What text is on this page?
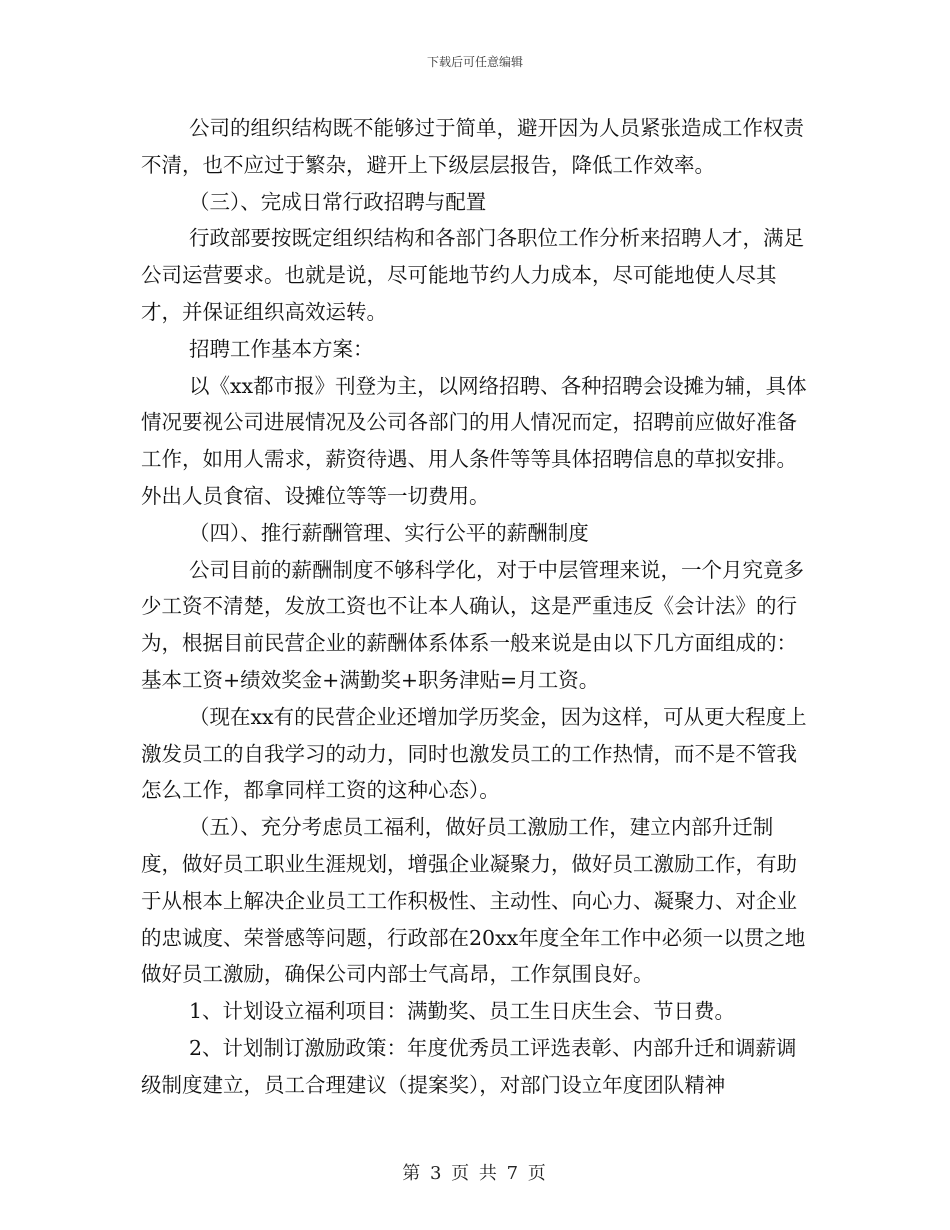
下载后可任意编辑

公司的组织结构既不能够过于简单，避开因为人员紧张造成工作权责不清，也不应过于繁杂，避开上下级层层报告，降低工作效率。

（三）、完成日常行政招聘与配置

行政部要按既定组织结构和各部门各职位工作分析来招聘人才，满足公司运营要求。也就是说，尽可能地节约人力成本，尽可能地使人尽其才，并保证组织高效运转。

招聘工作基本方案：

以《xx都市报》刊登为主，以网络招聘、各种招聘会设摊为辅，具体情况要视公司进展情况及公司各部门的用人情况而定，招聘前应做好准备工作，如用人需求，薪资待遇、用人条件等等具体招聘信息的草拟安排。外出人员食宿、设摊位等等一切费用。

（四）、推行薪酬管理、实行公平的薪酬制度

公司目前的薪酬制度不够科学化，对于中层管理来说，一个月究竟多少工资不清楚，发放工资也不让本人确认，这是严重违反《会计法》的行为，根据目前民营企业的薪酬体系体系一般来说是由以下几方面组成的：基本工资+绩效奖金+满勤奖+职务津贴=月工资。

（现在xx有的民营企业还增加学历奖金，因为这样，可从更大程度上激发员工的自我学习的动力，同时也激发员工的工作热情，而不是不管我怎么工作，都拿同样工资的这种心态）。

（五）、充分考虑员工福利，做好员工激励工作，建立内部升迁制度，做好员工职业生涯规划，增强企业凝聚力，做好员工激励工作，有助于从根本上解决企业员工工作积极性、主动性、向心力、凝聚力、对企业的忠诚度、荣誉感等问题，行政部在20xx年度全年工作中必须一以贯之地做好员工激励，确保公司内部士气高昂，工作氛围良好。

1、计划设立福利项目：满勤奖、员工生日庆生会、节日费。

2、计划制订激励政策：年度优秀员工评选表彰、内部升迁和调薪调级制度建立，员工合理建议（提案奖），对部门设立年度团队精神

第 3 页 共 7 页
